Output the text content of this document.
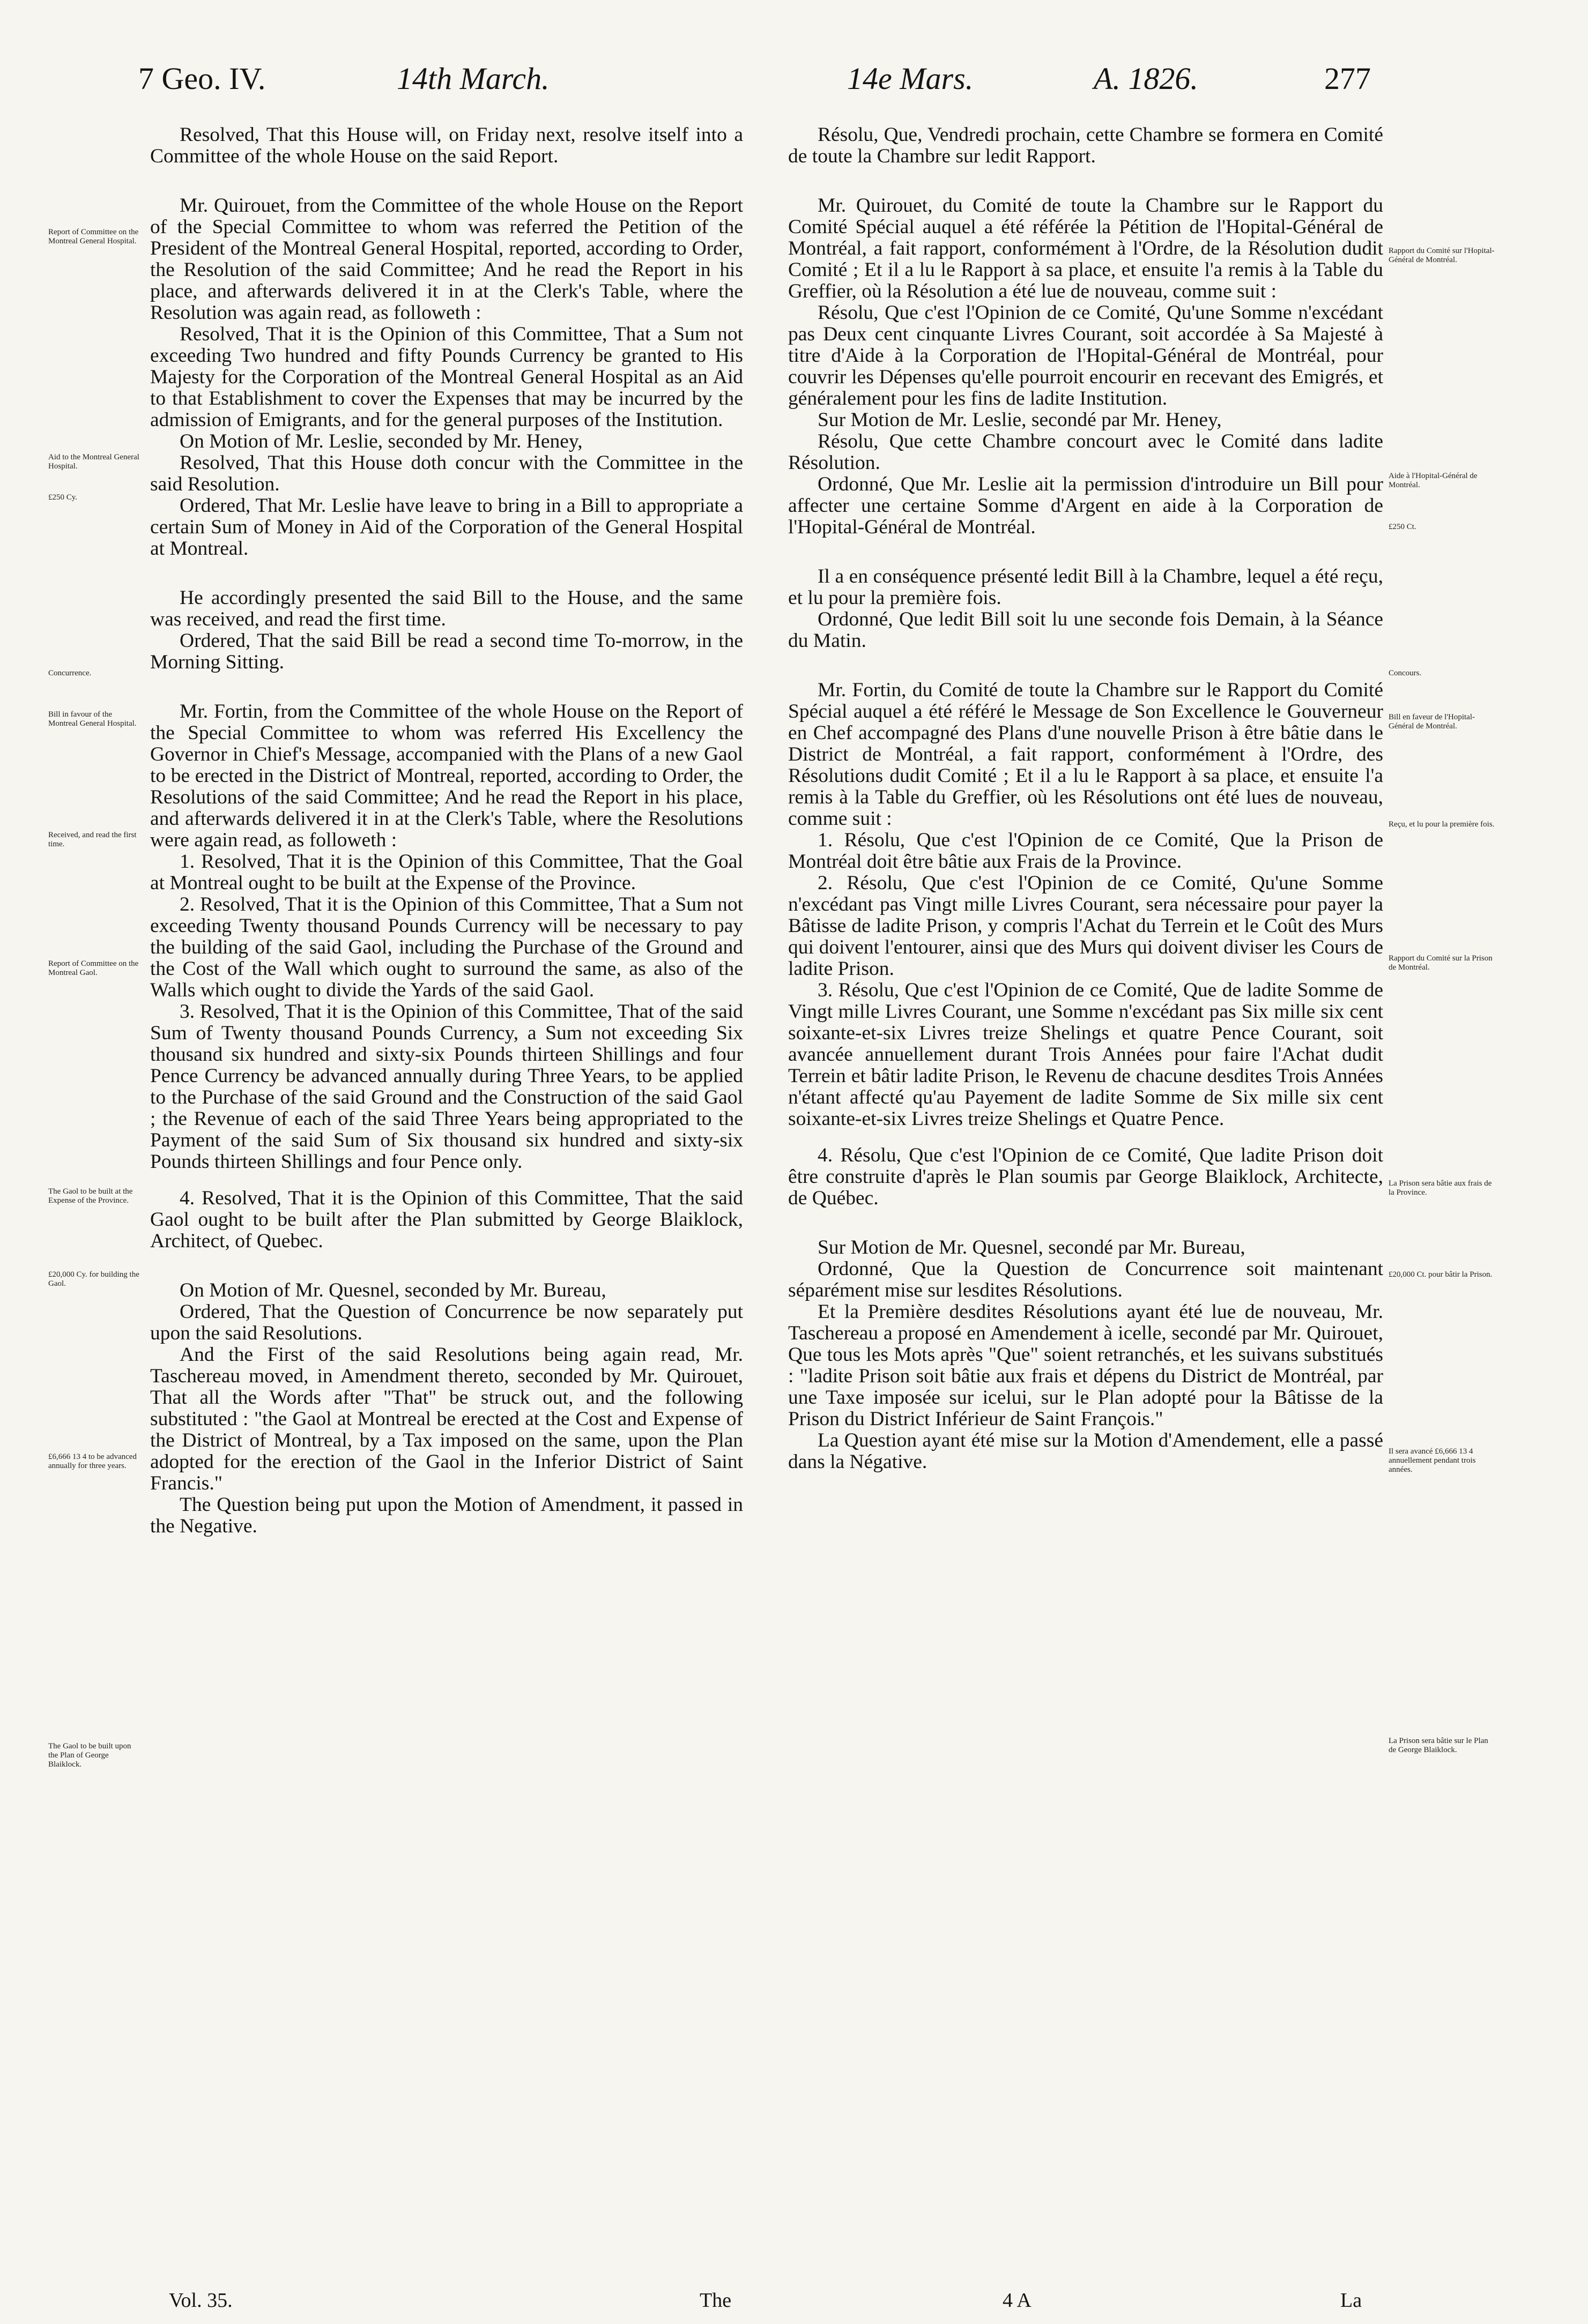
7 Geo. IV.	14th March.	14e Mars.	A. 1826.	277

Resolved, That this House will, on Friday next, resolve itself into a Committee of the whole House on the said Report.

Mr. Quirouet, from the Committee of the whole House on the Report of the Special Committee to whom was referred the Petition of the President of the Montreal General Hospital, reported, according to Order, the Resolution of the said Committee; And he read the Report in his place, and afterwards delivered it in at the Clerk's Table, where the Resolution was again read, as followeth :

Resolved, That it is the Opinion of this Committee, That a Sum not exceeding Two hundred and fifty Pounds Currency be granted to His Majesty for the Corporation of the Montreal General Hospital as an Aid to that Establishment to cover the Expenses that may be incurred by the admission of Emigrants, and for the general purposes of the Institution.

On Motion of Mr. Leslie, seconded by Mr. Heney,

Resolved, That this House doth concur with the Committee in the said Resolution.

Ordered, That Mr. Leslie have leave to bring in a Bill to appropriate a certain Sum of Money in Aid of the Corporation of the General Hospital at Montreal.

He accordingly presented the said Bill to the House, and the same was received, and read the first time.

Ordered, That the said Bill be read a second time To-morrow, in the Morning Sitting.

Mr. Fortin, from the Committee of the whole House on the Report of the Special Committee to whom was referred His Excellency the Governor in Chief's Message, accompanied with the Plans of a new Gaol to be erected in the District of Montreal, reported, according to Order, the Resolutions of the said Committee; And he read the Report in his place, and afterwards delivered it in at the Clerk's Table, where the Resolutions were again read, as followeth :

1. Resolved, That it is the Opinion of this Committee, That the Goal at Montreal ought to be built at the Expense of the Province.

2. Resolved, That it is the Opinion of this Committee, That a Sum not exceeding Twenty thousand Pounds Currency will be necessary to pay the building of the said Gaol, including the Purchase of the Ground and the Cost of the Wall which ought to surround the same, as also of the Walls which ought to divide the Yards of the said Gaol.

3. Resolved, That it is the Opinion of this Committee, That of the said Sum of Twenty thousand Pounds Currency, a Sum not exceeding Six thousand six hundred and sixty-six Pounds thirteen Shillings and four Pence Currency be advanced annually during Three Years, to be applied to the Purchase of the said Ground and the Construction of the said Gaol ; the Revenue of each of the said Three Years being appropriated to the Payment of the said Sum of Six thousand six hundred and sixty-six Pounds thirteen Shillings and four Pence only.

4. Resolved, That it is the Opinion of this Committee, That the said Gaol ought to be built after the Plan submitted by George Blaiklock, Architect, of Quebec.

On Motion of Mr. Quesnel, seconded by Mr. Bureau,

Ordered, That the Question of Concurrence be now separately put upon the said Resolutions.

And the First of the said Resolutions being again read, Mr. Taschereau moved, in Amendment thereto, seconded by Mr. Quirouet, That all the Words after "That" be struck out, and the following substituted : "the Gaol at Montreal be erected at the Cost and Expense of the District of Montreal, by a Tax imposed on the same, upon the Plan adopted for the erection of the Gaol in the Inferior District of Saint Francis."

The Question being put upon the Motion of Amendment, it passed in the Negative.

Résolu, Que, Vendredi prochain, cette Chambre se formera en Comité de toute la Chambre sur ledit Rapport.

Mr. Quirouet, du Comité de toute la Chambre sur le Rapport du Comité Spécial auquel a été référée la Pétition de l'Hopital-Général de Montréal, a fait rapport, conformément à l'Ordre, de la Résolution dudit Comité ; Et il a lu le Rapport à sa place, et ensuite l'a remis à la Table du Greffier, où la Résolution a été lue de nouveau, comme suit :

Résolu, Que c'est l'Opinion de ce Comité, Qu'une Somme n'excédant pas Deux cent cinquante Livres Courant, soit accordée à Sa Majesté à titre d'Aide à la Corporation de l'Hopital-Général de Montréal, pour couvrir les Dépenses qu'elle pourroit encourir en recevant des Emigrés, et généralement pour les fins de ladite Institution.

Sur Motion de Mr. Leslie, secondé par Mr. Heney,

Résolu, Que cette Chambre concourt avec le Comité dans ladite Résolution.

Ordonné, Que Mr. Leslie ait la permission d'introduire un Bill pour affecter une certaine Somme d'Argent en aide à la Corporation de l'Hopital-Général de Montréal.

Il a en conséquence présenté ledit Bill à la Chambre, lequel a été reçu, et lu pour la première fois.

Ordonné, Que ledit Bill soit lu une seconde fois Demain, à la Séance du Matin.

Mr. Fortin, du Comité de toute la Chambre sur le Rapport du Comité Spécial auquel a été référé le Message de Son Excellence le Gouverneur en Chef accompagné des Plans d'une nouvelle Prison à être bâtie dans le District de Montréal, a fait rapport, conformément à l'Ordre, des Résolutions dudit Comité ; Et il a lu le Rapport à sa place, et ensuite l'a remis à la Table du Greffier, où les Résolutions ont été lues de nouveau, comme suit :

1. Résolu, Que c'est l'Opinion de ce Comité, Que la Prison de Montréal doit être bâtie aux Frais de la Province.

2. Résolu, Que c'est l'Opinion de ce Comité, Qu'une Somme n'excédant pas Vingt mille Livres Courant, sera nécessaire pour payer la Bâtisse de ladite Prison, y compris l'Achat du Terrein et le Coût des Murs qui doivent l'entourer, ainsi que des Murs qui doivent diviser les Cours de ladite Prison.

3. Résolu, Que c'est l'Opinion de ce Comité, Que de ladite Somme de Vingt mille Livres Courant, une Somme n'excédant pas Six mille six cent soixante-et-six Livres treize Shelings et quatre Pence Courant, soit avancée annuellement durant Trois Années pour faire l'Achat dudit Terrein et bâtir ladite Prison, le Revenu de chacune desdites Trois Années n'étant affecté qu'au Payement de ladite Somme de Six mille six cent soixante-et-six Livres treize Shelings et Quatre Pence.

4. Résolu, Que c'est l'Opinion de ce Comité, Que ladite Prison doit être construite d'après le Plan soumis par George Blaiklock, Architecte, de Québec.

Sur Motion de Mr. Quesnel, secondé par Mr. Bureau,

Ordonné, Que la Question de Concurrence soit maintenant séparément mise sur lesdites Résolutions.

Et la Première desdites Résolutions ayant été lue de nouveau, Mr. Taschereau a proposé en Amendement à icelle, secondé par Mr. Quirouet, Que tous les Mots après "Que" soient retranchés, et les suivans substitués : "ladite Prison soit bâtie aux frais et dépens du District de Montréal, par une Taxe imposée sur icelui, sur le Plan adopté pour la Bâtisse de la Prison du District Inférieur de Saint François."

La Question ayant été mise sur la Motion d'Amendement, elle a passé dans la Négative.

Report of Committee on the Montreal General Hospital.
Aid to the Montreal General Hospital.
£250 Cy.
Concurrence.
Bill in favour of the Montreal General Hospital.
Received, and read the first time.
Report of Committee on the Montreal Gaol.
The Gaol to be built at the Expense of the Province.
£20,000 Cy. for building the Gaol.
£6,666 13 4 to be advanced annually for three years.
The Gaol to be built upon the Plan of George Blaiklock.
Rapport du Comité sur l'Hopital-Général de Montréal.
Aide à l'Hopital-Général de Montréal.
£250 Ct.
Concours.
Bill en faveur de l'Hopital-Général de Montréal.
Reçu, et lu pour la première fois.
Rapport du Comité sur la Prison de Montréal.
La Prison sera bâtie aux frais de la Province.
£20,000 Ct. pour bâtir la Prison.
Il sera avancé £6,666 13 4 annuellement pendant trois années.
La Prison sera bâtie sur le Plan de George Blaiklock.
Vol. 35.	The	4 A	La
